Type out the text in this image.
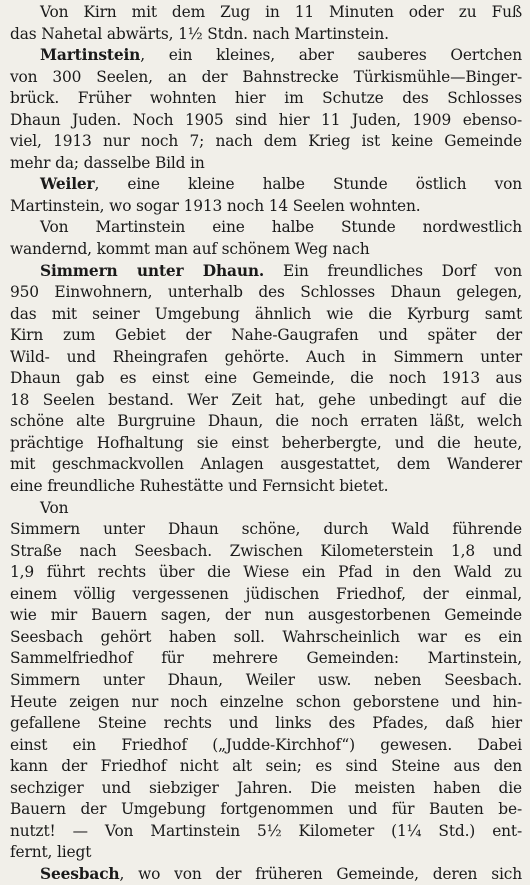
Von Kirn mit dem Zug in 11 Minuten oder zu Fuß
das Nahetal abwärts, 1½ Stdn. nach Martinstein.
Martinstein, ein kleines, aber sauberes Oertchen
von 300 Seelen, an der Bahnstrecke Türkismühle—Binger-
brück. Früher wohnten hier im Schutze des Schlosses
Dhaun Juden. Noch 1905 sind hier 11 Juden, 1909 ebenso-
viel, 1913 nur noch 7; nach dem Krieg ist keine Gemeinde
mehr da; dasselbe Bild in
Weiler, eine kleine halbe Stunde östlich von
Martinstein, wo sogar 1913 noch 14 Seelen wohnten.
Von Martinstein eine halbe Stunde nordwestlich
wandernd, kommt man auf schönem Weg nach
Simmern unter Dhaun. Ein freundliches Dorf von
950 Einwohnern, unterhalb des Schlosses Dhaun gelegen,
das mit seiner Umgebung ähnlich wie die Kyrburg samt
Kirn zum Gebiet der Nahe-Gaugrafen und später der
Wild- und Rheingrafen gehörte. Auch in Simmern unter
Dhaun gab es einst eine Gemeinde, die noch 1913 aus
18 Seelen bestand. Wer Zeit hat, gehe unbedingt auf die
schöne alte Burgruine Dhaun, die noch erraten läßt, welch
prächtige Hofhaltung sie einst beherbergte, und die heute,
mit geschmackvollen Anlagen ausgestattet, dem Wanderer
eine freundliche Ruhestätte und Fernsicht bietet.
Von
Simmern unter Dhaun schöne, durch Wald führende
Straße nach Seesbach. Zwischen Kilometerstein 1,8 und
1,9 führt rechts über die Wiese ein Pfad in den Wald zu
einem völlig vergessenen jüdischen Friedhof, der einmal,
wie mir Bauern sagen, der nun ausgestorbenen Gemeinde
Seesbach gehört haben soll. Wahrscheinlich war es ein
Sammelfriedhof für mehrere Gemeinden: Martinstein,
Simmern unter Dhaun, Weiler usw. neben Seesbach.
Heute zeigen nur noch einzelne schon geborstene und hin-
gefallene Steine rechts und links des Pfades, daß hier
einst ein Friedhof („Judde-Kirchhof“) gewesen. Dabei
kann der Friedhof nicht alt sein; es sind Steine aus den
sechziger und siebziger Jahren. Die meisten haben die
Bauern der Umgebung fortgenommen und für Bauten be-
nutzt! — Von Martinstein 5½ Kilometer (1¼ Std.) ent-
fernt, liegt
Seesbach, wo von der früheren Gemeinde, deren sich
